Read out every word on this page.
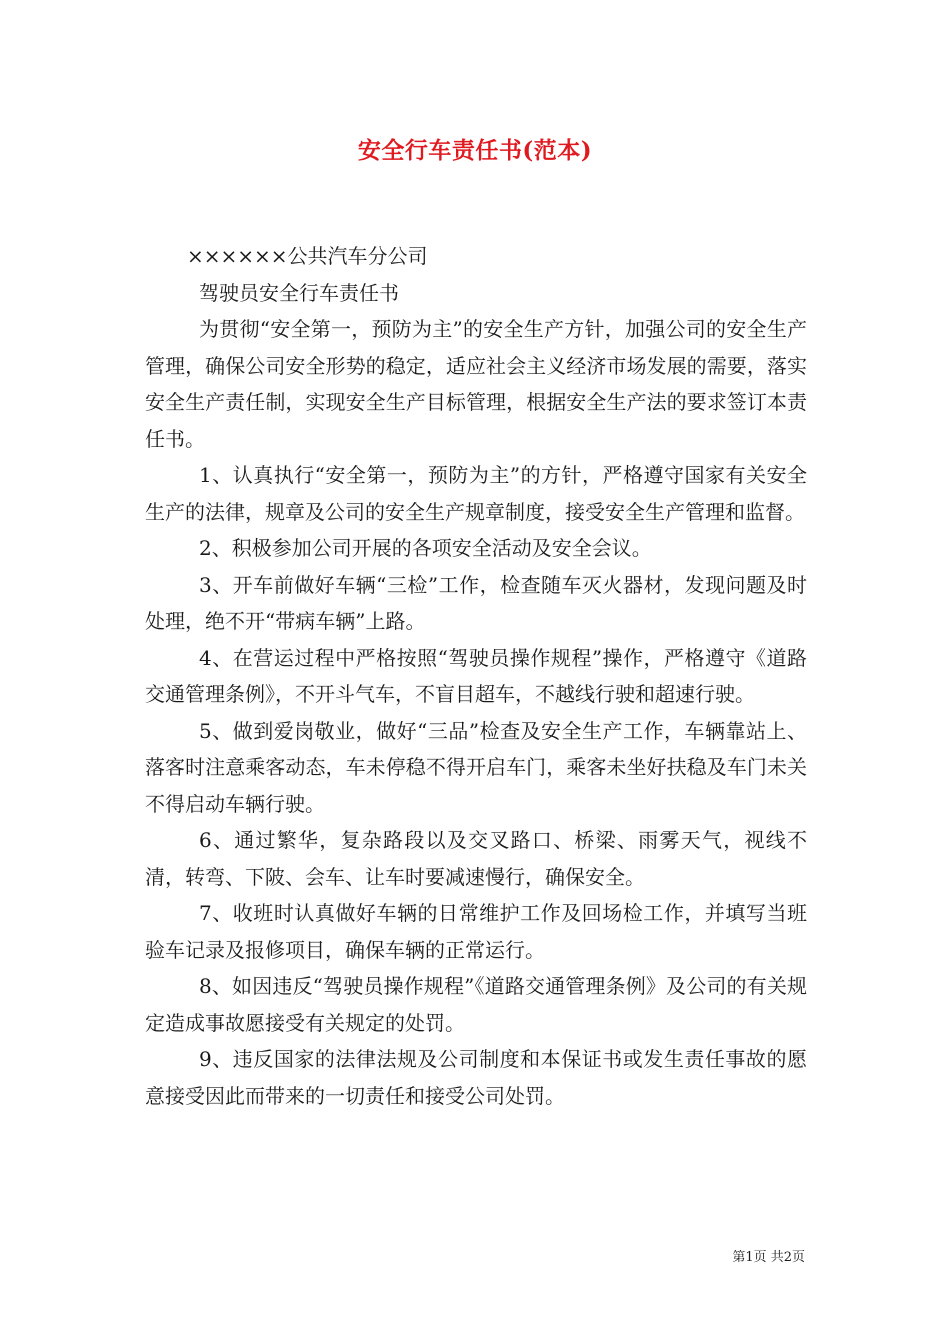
安全行车责任书(范本)

××××××公共汽车分公司

驾驶员安全行车责任书

为贯彻“安全第一，预防为主”的安全生产方针，加强公司的安全生产管理，确保公司安全形势的稳定，适应社会主义经济市场发展的需要，落实安全生产责任制，实现安全生产目标管理，根据安全生产法的要求签订本责任书。

1、认真执行“安全第一，预防为主”的方针，严格遵守国家有关安全生产的法律，规章及公司的安全生产规章制度，接受安全生产管理和监督。

2、积极参加公司开展的各项安全活动及安全会议。

3、开车前做好车辆“三检”工作，检查随车灭火器材，发现问题及时处理，绝不开“带病车辆”上路。

4、在营运过程中严格按照“驾驶员操作规程”操作，严格遵守《道路交通管理条例》，不开斗气车，不盲目超车，不越线行驶和超速行驶。

5、做到爱岗敬业，做好“三品”检查及安全生产工作，车辆靠站上、落客时注意乘客动态，车未停稳不得开启车门，乘客未坐好扶稳及车门未关不得启动车辆行驶。

6、通过繁华，复杂路段以及交叉路口、桥梁、雨雾天气，视线不清，转弯、下陂、会车、让车时要减速慢行，确保安全。

7、收班时认真做好车辆的日常维护工作及回场检工作，并填写当班验车记录及报修项目，确保车辆的正常运行。

8、如因违反“驾驶员操作规程”《道路交通管理条例》及公司的有关规定造成事故愿接受有关规定的处罚。

9、违反国家的法律法规及公司制度和本保证书或发生责任事故的愿意接受因此而带来的一切责任和接受公司处罚。

第1页 共2页
